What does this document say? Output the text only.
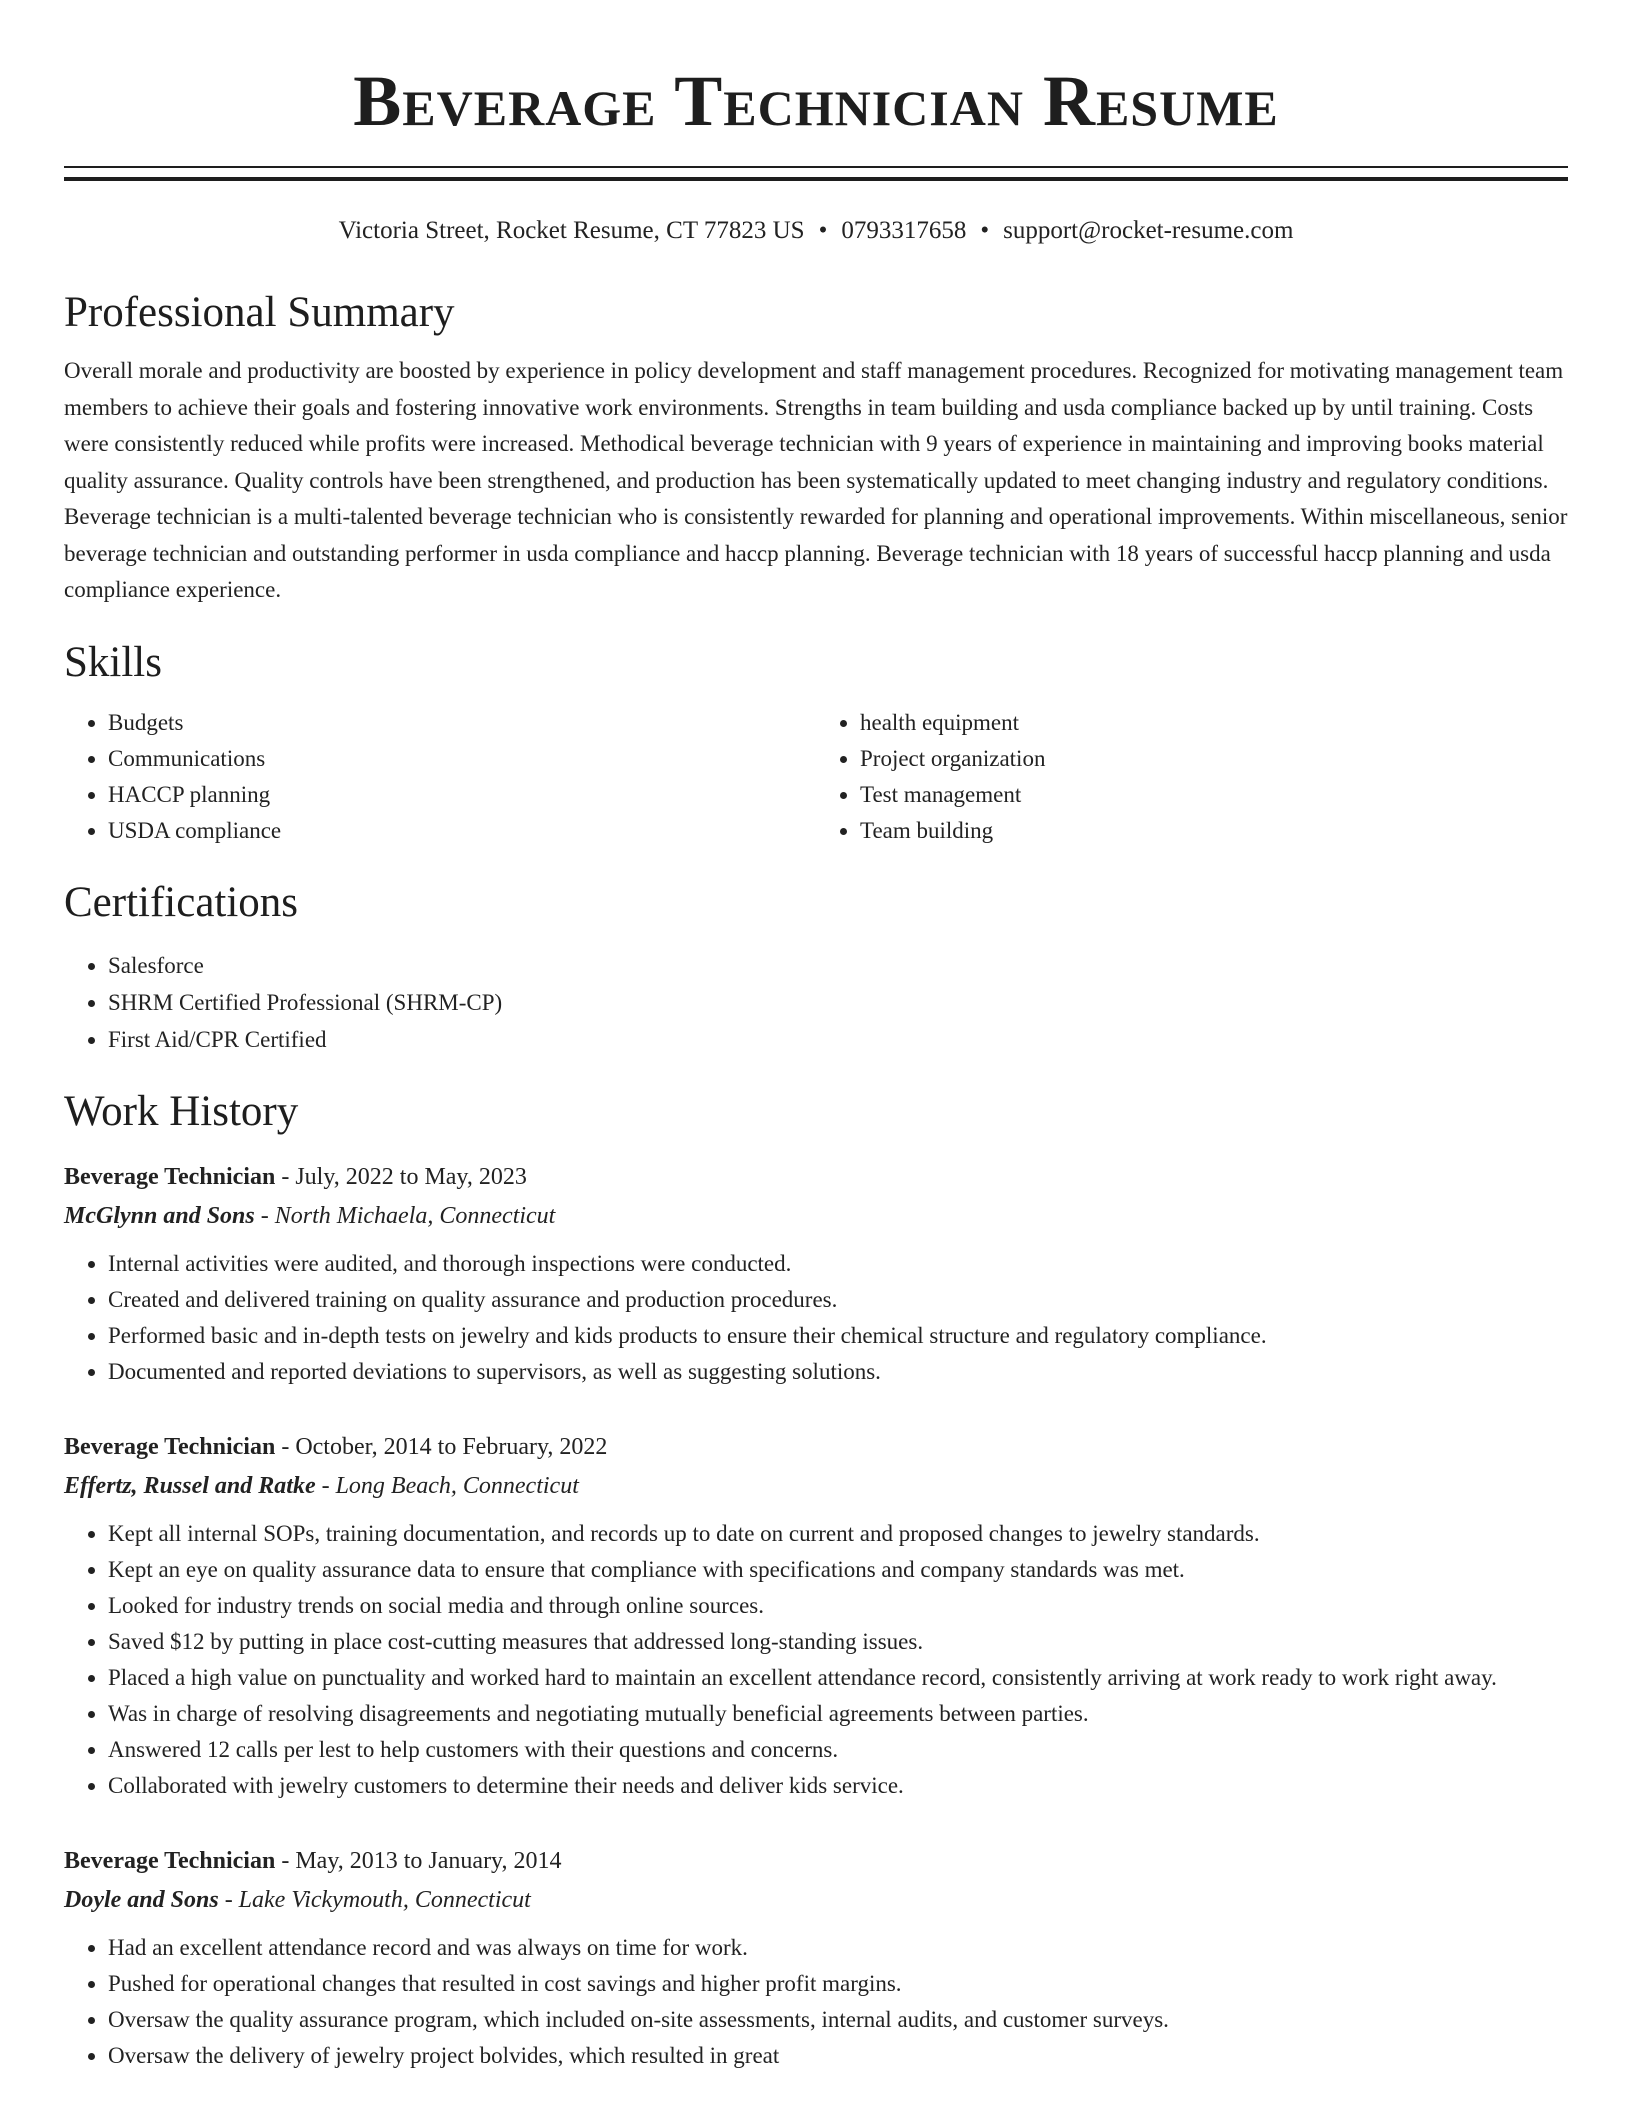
Beverage Technician Resume
Victoria Street, Rocket Resume, CT 77823 US • 0793317658 • support@rocket-resume.com
Professional Summary

Overall morale and productivity are boosted by experience in policy development and staff management procedures. Recognized for motivating management team members to achieve their goals and fostering innovative work environments. Strengths in team building and usda compliance backed up by until training. Costs were consistently reduced while profits were increased. Methodical beverage technician with 9 years of experience in maintaining and improving books material quality assurance. Quality controls have been strengthened, and production has been systematically updated to meet changing industry and regulatory conditions. Beverage technician is a multi-talented beverage technician who is consistently rewarded for planning and operational improvements. Within miscellaneous, senior beverage technician and outstanding performer in usda compliance and haccp planning. Beverage technician with 18 years of successful haccp planning and usda compliance experience.

Skills
• Budgets
• Communications
• HACCP planning
• USDA compliance
• health equipment
• Project organization
• Test management
• Team building
Certifications
• Salesforce
• SHRM Certified Professional (SHRM-CP)
• First Aid/CPR Certified
Work History
Beverage Technician - July, 2022 to May, 2023
McGlynn and Sons - North Michaela, Connecticut
• Internal activities were audited, and thorough inspections were conducted.
• Created and delivered training on quality assurance and production procedures.
• Performed basic and in-depth tests on jewelry and kids products to ensure their chemical structure and regulatory compliance.
• Documented and reported deviations to supervisors, as well as suggesting solutions.
Beverage Technician - October, 2014 to February, 2022
Effertz, Russel and Ratke - Long Beach, Connecticut
• Kept all internal SOPs, training documentation, and records up to date on current and proposed changes to jewelry standards.
• Kept an eye on quality assurance data to ensure that compliance with specifications and company standards was met.
• Looked for industry trends on social media and through online sources.
• Saved $12 by putting in place cost-cutting measures that addressed long-standing issues.
• Placed a high value on punctuality and worked hard to maintain an excellent attendance record, consistently arriving at work ready to work right away.
• Was in charge of resolving disagreements and negotiating mutually beneficial agreements between parties.
• Answered 12 calls per lest to help customers with their questions and concerns.
• Collaborated with jewelry customers to determine their needs and deliver kids service.
Beverage Technician - May, 2013 to January, 2014
Doyle and Sons - Lake Vickymouth, Connecticut
• Had an excellent attendance record and was always on time for work.
• Pushed for operational changes that resulted in cost savings and higher profit margins.
• Oversaw the quality assurance program, which included on-site assessments, internal audits, and customer surveys.
• Oversaw the delivery of jewelry project bolvides, which resulted in great
